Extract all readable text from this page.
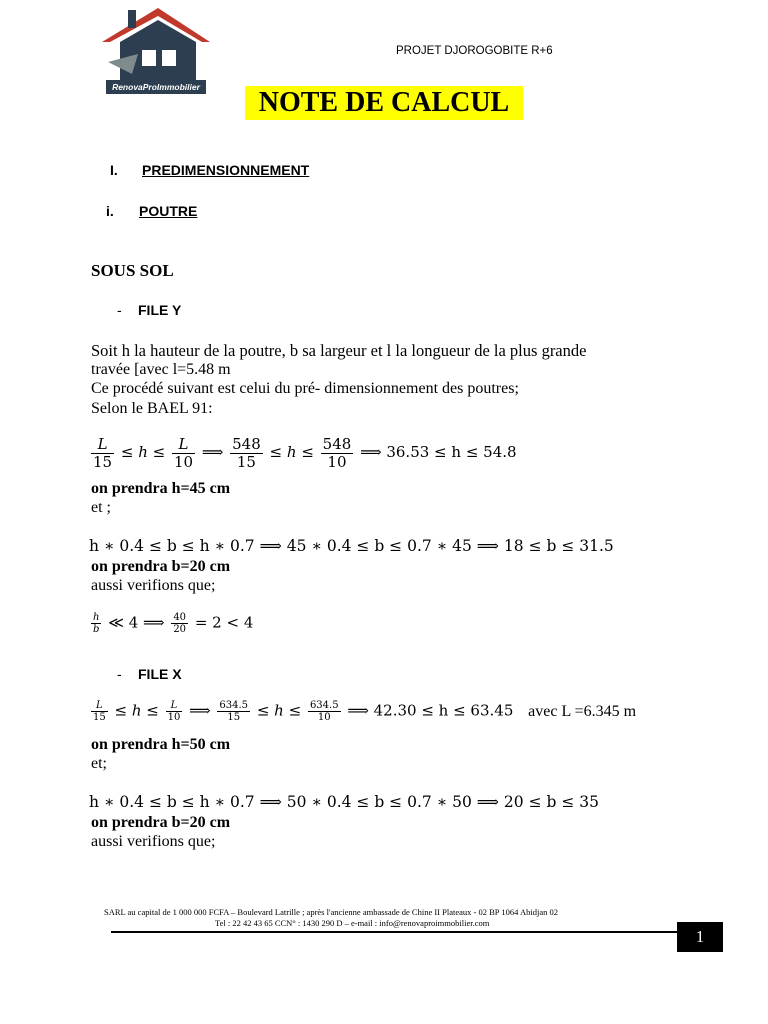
RenovaProImmobilier
PROJET DJOROGOBITE R+6
NOTE DE CALCUL
I. PREDIMENSIONNEMENT
i. POUTRE
SOUS SOL
- FILE Y
Soit h la hauteur de la poutre, b sa largeur et l la longueur de la plus grande
travée [avec l=5.48 m
Ce procédé suivant est celui du pré- dimensionnement des poutres;
Selon le BAEL 91:
$\frac{L}{15} \le h \le \frac{L}{10}$ ⟹ $\frac{548}{15} \le h \le \frac{548}{10}$ ⟹ 36.53 ≤ h ≤ 54.8
on prendra h=45 cm
et ;
h ∗ 0.4 ≤ b ≤ h ∗ 0.7 ⟹ 45 ∗ 0.4 ≤ b ≤ 0.7 ∗ 45 ⟹ 18 ≤ b ≤ 31.5
on prendra b=20 cm
aussi verifions que;
$\frac{h}{b}$ ≪ 4 ⟹ $\frac{40}{20} = 2 < 4$
- FILE X
$\frac{L}{15} \le h \le \frac{L}{10}$ ⟹ $\frac{634.5}{15} \le h \le \frac{634.5}{10}$ ⟹ 42.30 ≤ h ≤ 63.45 avec L =6.345 m
on prendra h=50 cm
et;
h ∗ 0.4 ≤ b ≤ h ∗ 0.7 ⟹ 50 ∗ 0.4 ≤ b ≤ 0.7 ∗ 50 ⟹ 20 ≤ b ≤ 35
on prendra b=20 cm
aussi verifions que;
SARL au capital de 1 000 000 FCFA – Boulevard Latrille ; après l'ancienne ambassade de Chine II Plateaux - 02 BP 1064 Abidjan 02
Tel : 22 42 43 65 CCN° : 1430 290 D – e-mail : info@renovaproimmobilier.com
1
